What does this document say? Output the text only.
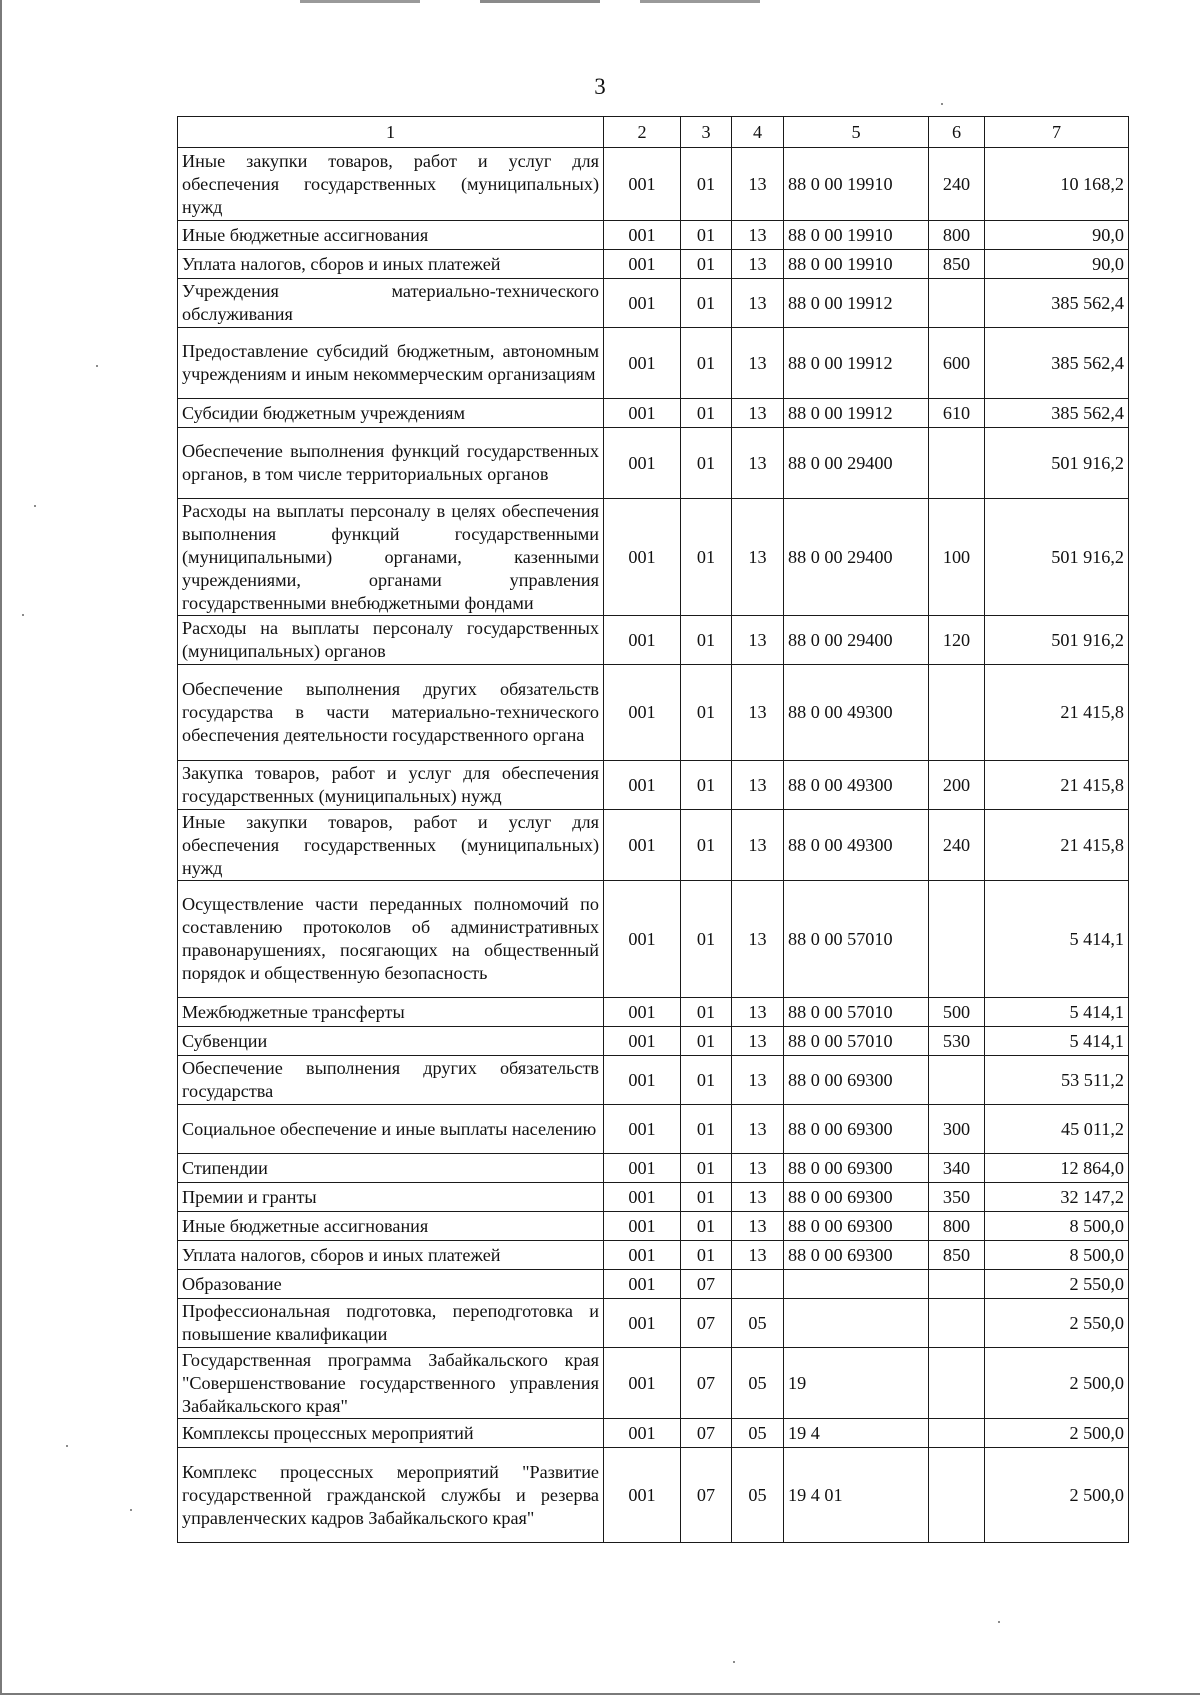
3
1	2	3	4	5	6	7
Иные закупки товаров, работ и услуг для обеспечения государственных (муниципальных) нужд	001	01	13	88 0 00 19910	240	10 168,2
Иные бюджетные ассигнования	001	01	13	88 0 00 19910	800	90,0
Уплата налогов, сборов и иных платежей	001	01	13	88 0 00 19910	850	90,0
Учреждения материально-технического обслуживания	001	01	13	88 0 00 19912		385 562,4
Предоставление субсидий бюджетным, автономным учреждениям и иным некоммерческим организациям	001	01	13	88 0 00 19912	600	385 562,4
Субсидии бюджетным учреждениям	001	01	13	88 0 00 19912	610	385 562,4
Обеспечение выполнения функций государственных органов, в том числе территориальных органов	001	01	13	88 0 00 29400		501 916,2
Расходы на выплаты персоналу в целях обеспечения выполнения функций государственными (муниципальными) органами, казенными учреждениями, органами управления государственными внебюджетными фондами	001	01	13	88 0 00 29400	100	501 916,2
Расходы на выплаты персоналу государственных (муниципальных) органов	001	01	13	88 0 00 29400	120	501 916,2
Обеспечение выполнения других обязательств государства в части материально-технического обеспечения деятельности государственного органа	001	01	13	88 0 00 49300		21 415,8
Закупка товаров, работ и услуг для обеспечения государственных (муниципальных) нужд	001	01	13	88 0 00 49300	200	21 415,8
Иные закупки товаров, работ и услуг для обеспечения государственных (муниципальных) нужд	001	01	13	88 0 00 49300	240	21 415,8
Осуществление части переданных полномочий по составлению протоколов об административных правонарушениях, посягающих на общественный порядок и общественную безопасность	001	01	13	88 0 00 57010		5 414,1
Межбюджетные трансферты	001	01	13	88 0 00 57010	500	5 414,1
Субвенции	001	01	13	88 0 00 57010	530	5 414,1
Обеспечение выполнения других обязательств государства	001	01	13	88 0 00 69300		53 511,2
Социальное обеспечение и иные выплаты населению	001	01	13	88 0 00 69300	300	45 011,2
Стипендии	001	01	13	88 0 00 69300	340	12 864,0
Премии и гранты	001	01	13	88 0 00 69300	350	32 147,2
Иные бюджетные ассигнования	001	01	13	88 0 00 69300	800	8 500,0
Уплата налогов, сборов и иных платежей	001	01	13	88 0 00 69300	850	8 500,0
Образование	001	07				2 550,0
Профессиональная подготовка, переподготовка и повышение квалификации	001	07	05			2 550,0
Государственная программа Забайкальского края "Совершенствование государственного управления Забайкальского края"	001	07	05	19		2 500,0
Комплексы процессных мероприятий	001	07	05	19 4		2 500,0
Комплекс процессных мероприятий "Развитие государственной гражданской службы и резерва управленческих кадров Забайкальского края"	001	07	05	19 4 01		2 500,0
